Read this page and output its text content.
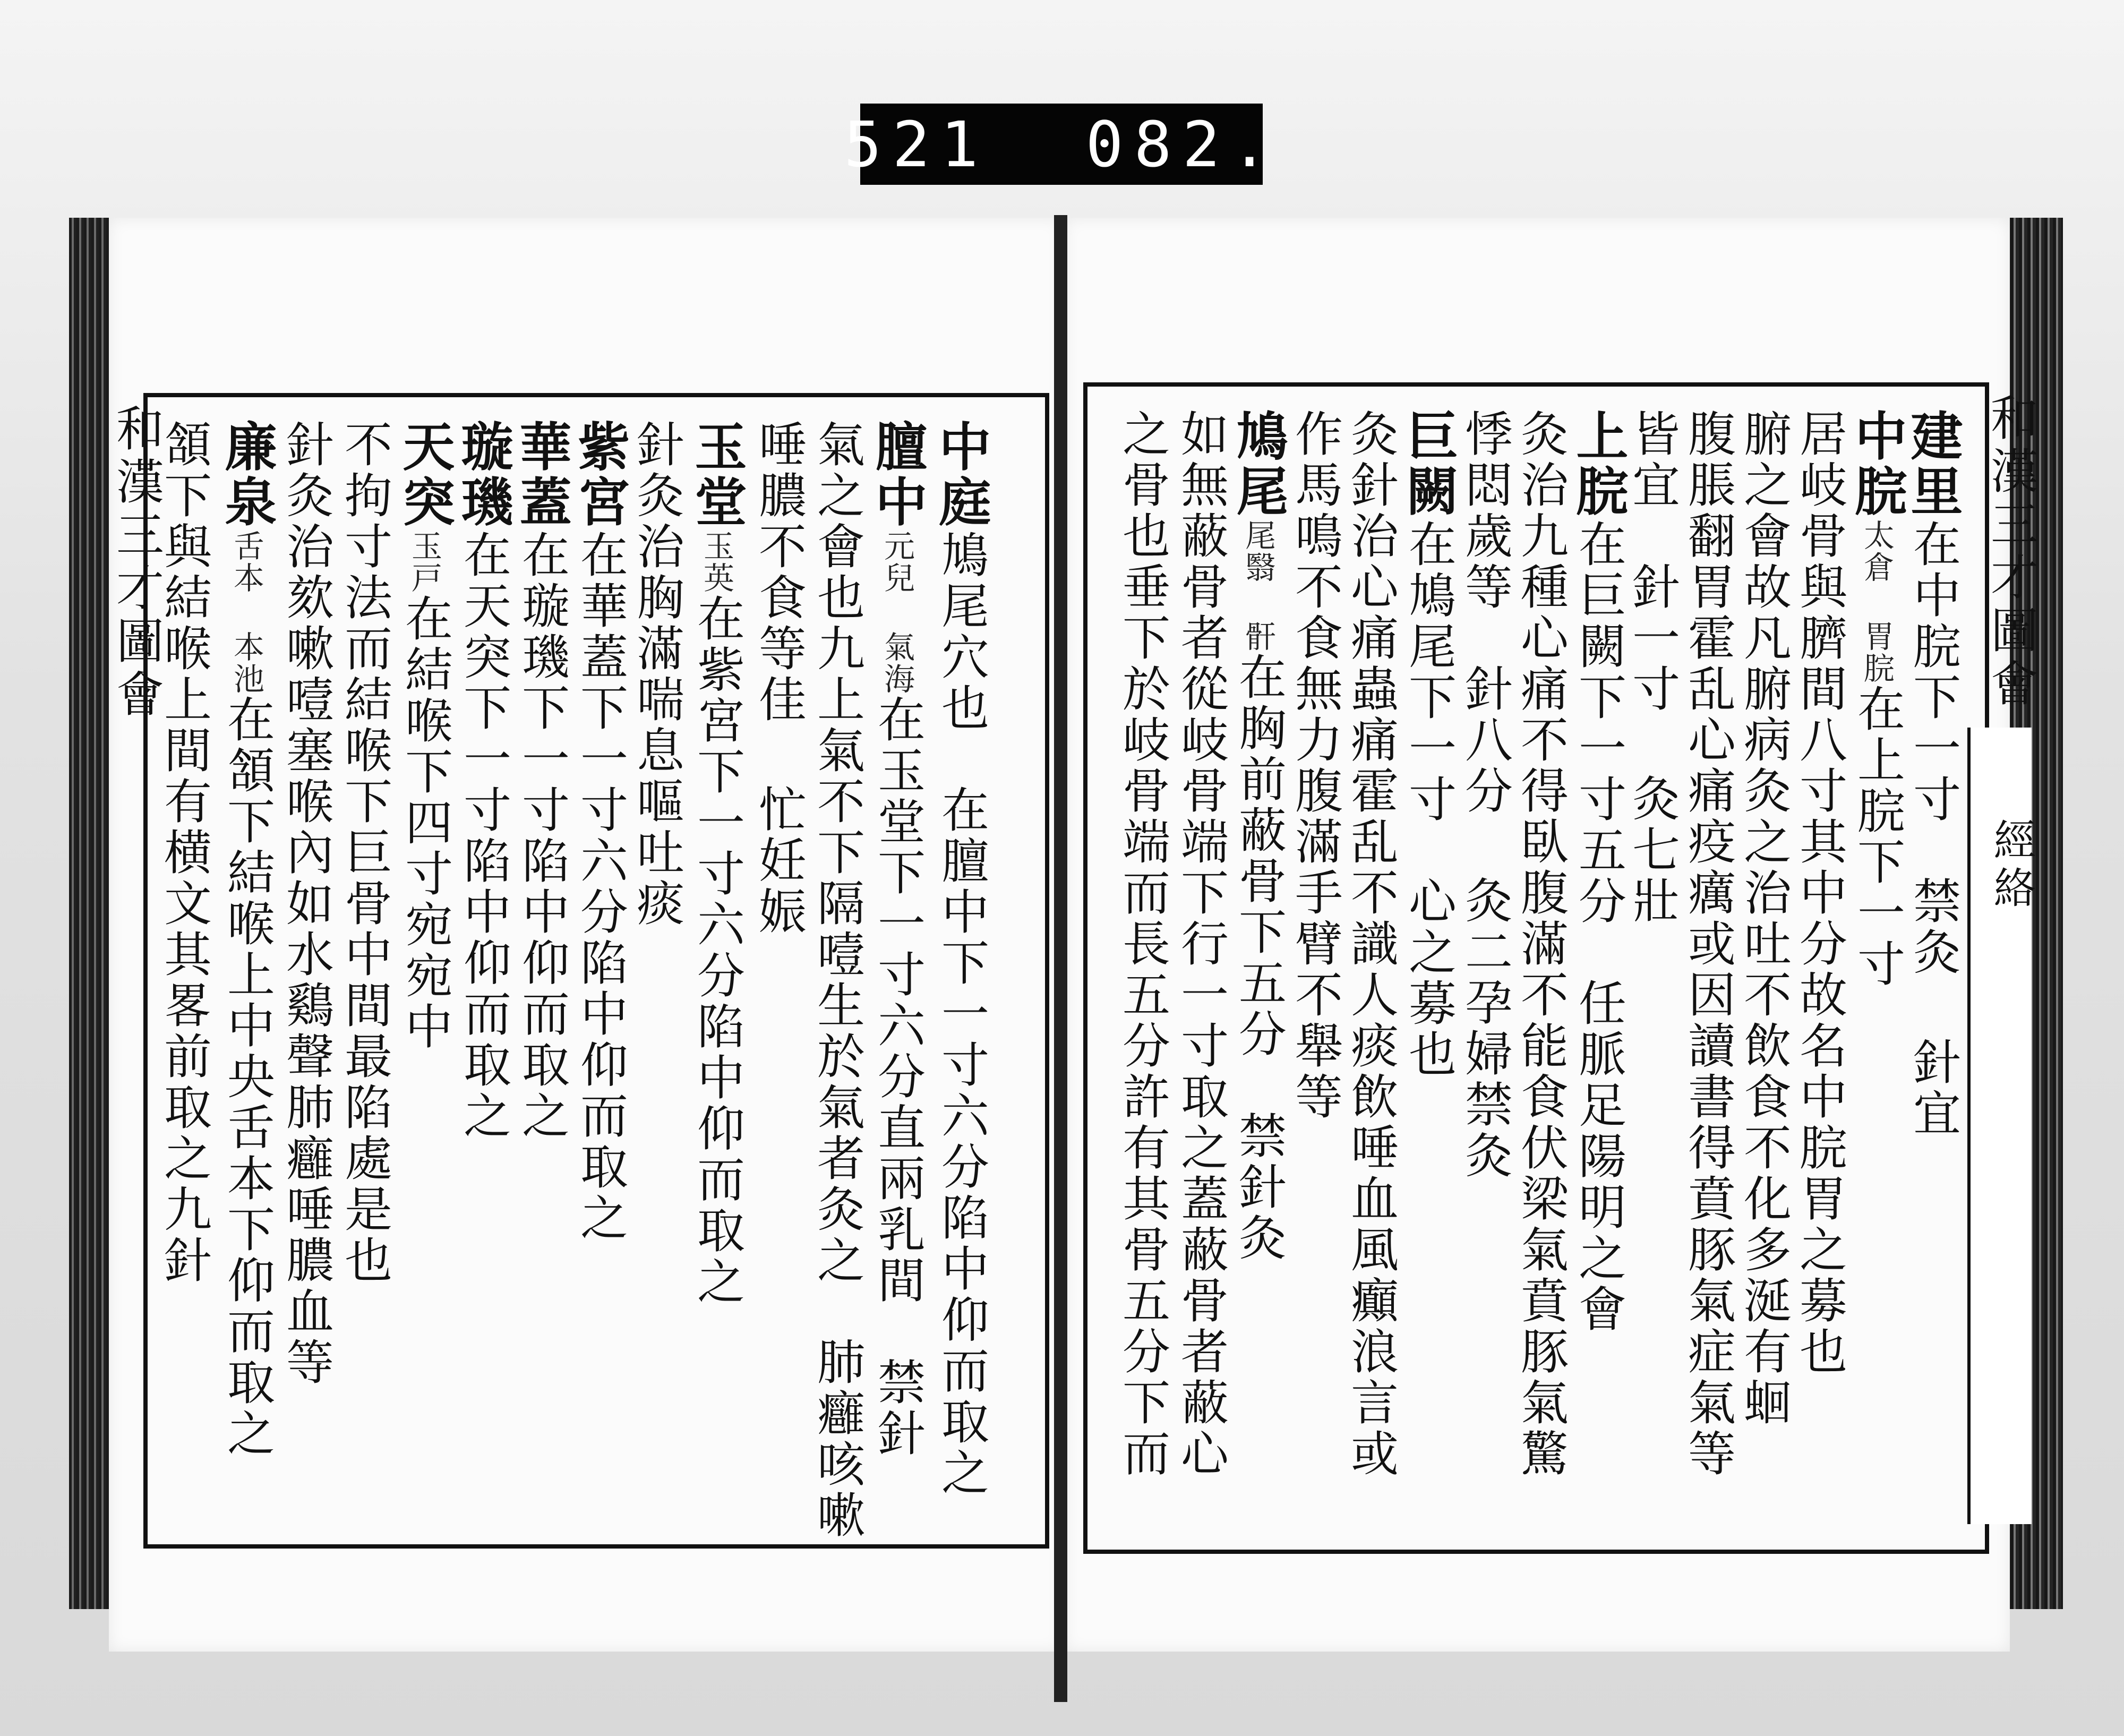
521  082.
和漢三才圖會	和漢三才圖會
經絡
中庭鳩尾穴也　在膻中下一寸六分陷中仰而取之
膻中元兒 氣海在玉堂下一寸六分直兩乳間　禁針
氣之會也九上氣不下隔噎生於氣者灸之　肺癰咳嗽
唾膿不食等佳 忙妊娠
玉堂玉英在紫宮下一寸六分陷中仰而取之
針灸治胸滿喘息嘔吐痰
紫宮在華蓋下一寸六分陷中仰而取之
華蓋在璇璣下一寸陷中仰而取之
璇璣在天突下一寸陷中仰而取之
天突玉戸在結喉下四寸宛宛中
不拘寸法而結喉下巨骨中間最陷處是也
針灸治欬嗽噎塞喉內如水鷄聲肺癰唾膿血等
廉泉舌本 本池在頷下結喉上中央舌本下仰而取之
頷下與結喉上間有横文其畧前取之九針	建里在中脘下一寸　禁灸 針宜
中脘太倉 胃脘在上脘下一寸
居岐骨與臍間八寸其中分故名中脘胃之募也
腑之會故凡腑病灸之治吐不飲食不化多涎有蛔
腹脹翻胃霍乱心痛疫癘或因讀書得賁豚氣症氣等
皆宜　針一寸 灸七壯
上脘在巨闕下一寸五分　任脈足陽明之會
灸治九種心痛不得臥腹滿不能食伏梁氣賁豚氣驚
悸悶歲等　針八分 灸二孕婦禁灸
巨闕在鳩尾下一寸　心之募也
灸針治心痛蟲痛霍乱不識人痰飲唾血風癲浪言或
作馬鳴不食無力腹滿手臂不舉等
鳩尾尾翳 骭在胸前蔽骨下五分　禁針灸
如無蔽骨者從岐骨端下行一寸取之蓋蔽骨者蔽心
之骨也垂下於岐骨端而長五分許有其骨五分下而
